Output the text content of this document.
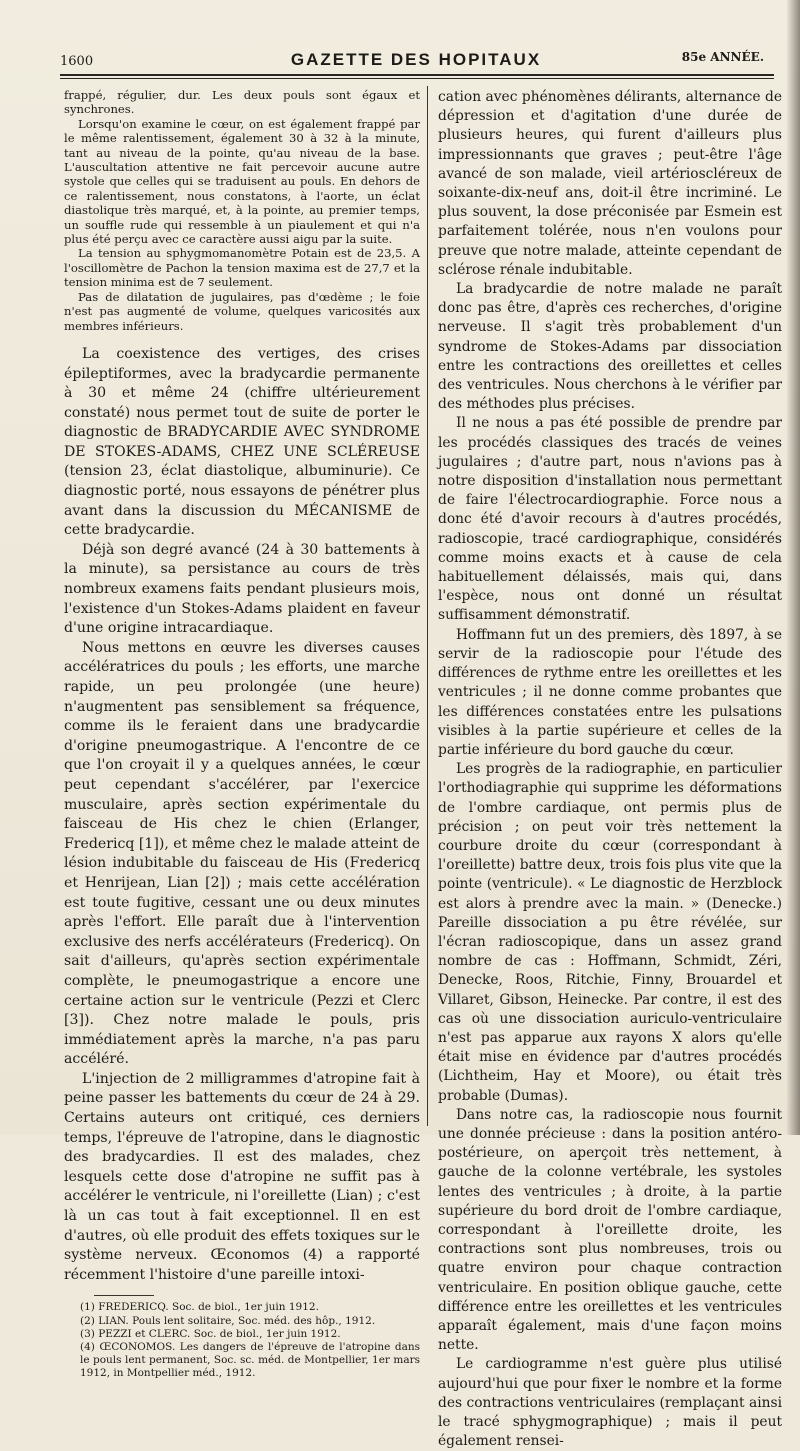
1600	GAZETTE DES HOPITAUX	85e ANNÉE.

frappé, régulier, dur. Les deux pouls sont égaux et synchrones.

Lorsqu'on examine le cœur, on est également frappé par le même ralentissement, également 30 à 32 à la minute, tant au niveau de la pointe, qu'au niveau de la base. L'auscultation attentive ne fait percevoir aucune autre systole que celles qui se traduisent au pouls. En dehors de ce ralentissement, nous constatons, à l'aorte, un éclat diastolique très marqué, et, à la pointe, au premier temps, un souffle rude qui ressemble à un piaulement et qui n'a plus été perçu avec ce caractère aussi aigu par la suite.

La tension au sphygmomanomètre Potain est de 23,5. A l'oscillomètre de Pachon la tension maxima est de 27,7 et la tension minima est de 7 seulement.

Pas de dilatation de jugulaires, pas d'œdème ; le foie n'est pas augmenté de volume, quelques varicosités aux membres inférieurs.

La coexistence des vertiges, des crises épileptiformes, avec la bradycardie permanente à 30 et même 24 (chiffre ultérieurement constaté) nous permet tout de suite de porter le diagnostic de BRADYCARDIE AVEC SYNDROME DE STOKES-ADAMS, CHEZ UNE SCLÉREUSE (tension 23, éclat diastolique, albuminurie). Ce diagnostic porté, nous essayons de pénétrer plus avant dans la discussion du MÉCANISME de cette bradycardie.

Déjà son degré avancé (24 à 30 battements à la minute), sa persistance au cours de très nombreux examens faits pendant plusieurs mois, l'existence d'un Stokes-Adams plaident en faveur d'une origine intracardiaque.

Nous mettons en œuvre les diverses causes accélératrices du pouls ; les efforts, une marche rapide, un peu prolongée (une heure) n'augmentent pas sensiblement sa fréquence, comme ils le feraient dans une bradycardie d'origine pneumogastrique. A l'encontre de ce que l'on croyait il y a quelques années, le cœur peut cependant s'accélérer, par l'exercice musculaire, après section expérimentale du faisceau de His chez le chien (Erlanger, Fredericq [1]), et même chez le malade atteint de lésion indubitable du faisceau de His (Fredericq et Henrijean, Lian [2]) ; mais cette accélération est toute fugitive, cessant une ou deux minutes après l'effort. Elle paraît due à l'intervention exclusive des nerfs accélérateurs (Fredericq). On sait d'ailleurs, qu'après section expérimentale complète, le pneumogastrique a encore une certaine action sur le ventricule (Pezzi et Clerc [3]). Chez notre malade le pouls, pris immédiatement après la marche, n'a pas paru accéléré.

L'injection de 2 milligrammes d'atropine fait à peine passer les battements du cœur de 24 à 29. Certains auteurs ont critiqué, ces derniers temps, l'épreuve de l'atropine, dans le diagnostic des bradycardies. Il est des malades, chez lesquels cette dose d'atropine ne suffit pas à accélérer le ventricule, ni l'oreillette (Lian) ; c'est là un cas tout à fait exceptionnel. Il en est d'autres, où elle produit des effets toxiques sur le système nerveux. Œconomos (4) a rapporté récemment l'histoire d'une pareille intoxi-

(1) FREDERICQ. Soc. de biol., 1er juin 1912.

(2) LIAN. Pouls lent solitaire, Soc. méd. des hôp., 1912.

(3) PEZZI et CLERC. Soc. de biol., 1er juin 1912.

(4) ŒCONOMOS. Les dangers de l'épreuve de l'atropine dans le pouls lent permanent, Soc. sc. méd. de Montpellier, 1er mars 1912, in Montpellier méd., 1912.

cation avec phénomènes délirants, alternance de dépression et d'agitation d'une durée de plusieurs heures, qui furent d'ailleurs plus impressionnants que graves ; peut-être l'âge avancé de son malade, vieil artérioscléreux de soixante-dix-neuf ans, doit-il être incriminé. Le plus souvent, la dose préconisée par Esmein est parfaitement tolérée, nous n'en voulons pour preuve que notre malade, atteinte cependant de sclérose rénale indubitable.

La bradycardie de notre malade ne paraît donc pas être, d'après ces recherches, d'origine nerveuse. Il s'agit très probablement d'un syndrome de Stokes-Adams par dissociation entre les contractions des oreillettes et celles des ventricules. Nous cherchons à le vérifier par des méthodes plus précises.

Il ne nous a pas été possible de prendre par les procédés classiques des tracés de veines jugulaires ; d'autre part, nous n'avions pas à notre disposition d'installation nous permettant de faire l'électrocardiographie. Force nous a donc été d'avoir recours à d'autres procédés, radioscopie, tracé cardiographique, considérés comme moins exacts et à cause de cela habituellement délaissés, mais qui, dans l'espèce, nous ont donné un résultat suffisamment démonstratif.

Hoffmann fut un des premiers, dès 1897, à se servir de la radioscopie pour l'étude des différences de rythme entre les oreillettes et les ventricules ; il ne donne comme probantes que les différences constatées entre les pulsations visibles à la partie supérieure et celles de la partie inférieure du bord gauche du cœur.

Les progrès de la radiographie, en particulier l'orthodiagraphie qui supprime les déformations de l'ombre cardiaque, ont permis plus de précision ; on peut voir très nettement la courbure droite du cœur (correspondant à l'oreillette) battre deux, trois fois plus vite que la pointe (ventricule). « Le diagnostic de Herzblock est alors à prendre avec la main. » (Denecke.) Pareille dissociation a pu être révélée, sur l'écran radioscopique, dans un assez grand nombre de cas : Hoffmann, Schmidt, Zéri, Denecke, Roos, Ritchie, Finny, Brouardel et Villaret, Gibson, Heinecke. Par contre, il est des cas où une dissociation auriculo-ventriculaire n'est pas apparue aux rayons X alors qu'elle était mise en évidence par d'autres procédés (Lichtheim, Hay et Moore), ou était très probable (Dumas).

Dans notre cas, la radioscopie nous fournit une donnée précieuse : dans la position antéro-postérieure, on aperçoit très nettement, à gauche de la colonne vertébrale, les systoles lentes des ventricules ; à droite, à la partie supérieure du bord droit de l'ombre cardiaque, correspondant à l'oreillette droite, les contractions sont plus nombreuses, trois ou quatre environ pour chaque contraction ventriculaire. En position oblique gauche, cette différence entre les oreillettes et les ventricules apparaît également, mais d'une façon moins nette.

Le cardiogramme n'est guère plus utilisé aujourd'hui que pour fixer le nombre et la forme des contractions ventriculaires (remplaçant ainsi le tracé sphygmographique) ; mais il peut également rensei-
